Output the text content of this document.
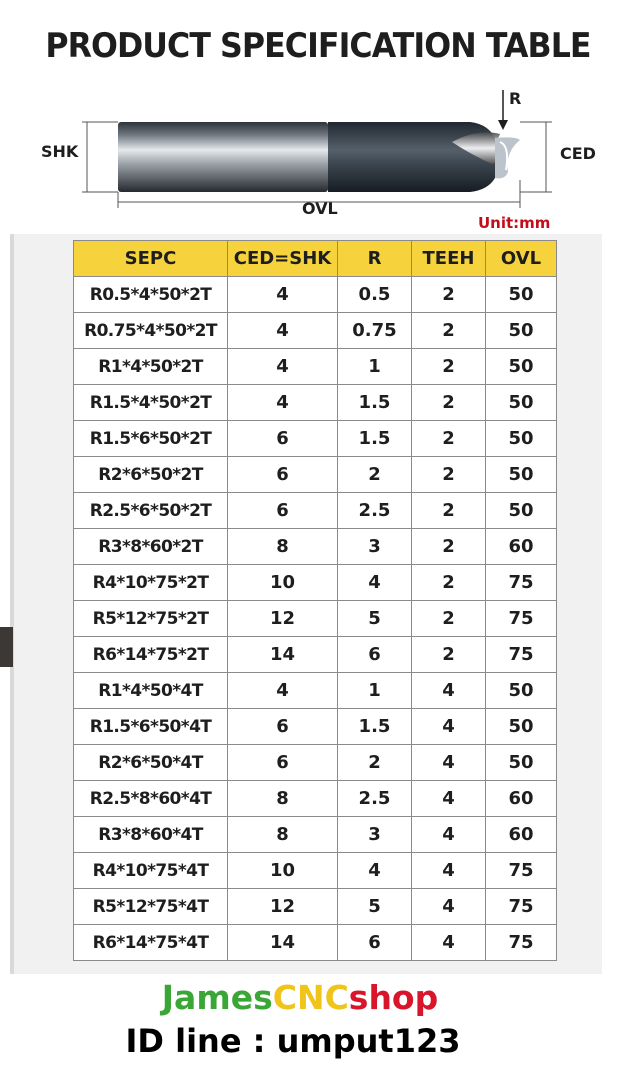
PRODUCT SPECIFICATION TABLE
SHK
R
CED
OVL
Unit:mm
SEPC	CED=SHK	R	TEEH	OVL
R0.5*4*50*2T	4	0.5	2	50
R0.75*4*50*2T	4	0.75	2	50
R1*4*50*2T	4	1	2	50
R1.5*4*50*2T	4	1.5	2	50
R1.5*6*50*2T	6	1.5	2	50
R2*6*50*2T	6	2	2	50
R2.5*6*50*2T	6	2.5	2	50
R3*8*60*2T	8	3	2	60
R4*10*75*2T	10	4	2	75
R5*12*75*2T	12	5	2	75
R6*14*75*2T	14	6	2	75
R1*4*50*4T	4	1	4	50
R1.5*6*50*4T	6	1.5	4	50
R2*6*50*4T	6	2	4	50
R2.5*8*60*4T	8	2.5	4	60
R3*8*60*4T	8	3	4	60
R4*10*75*4T	10	4	4	75
R5*12*75*4T	12	5	4	75
R6*14*75*4T	14	6	4	75
JamesCNCshop
ID line : umput123
